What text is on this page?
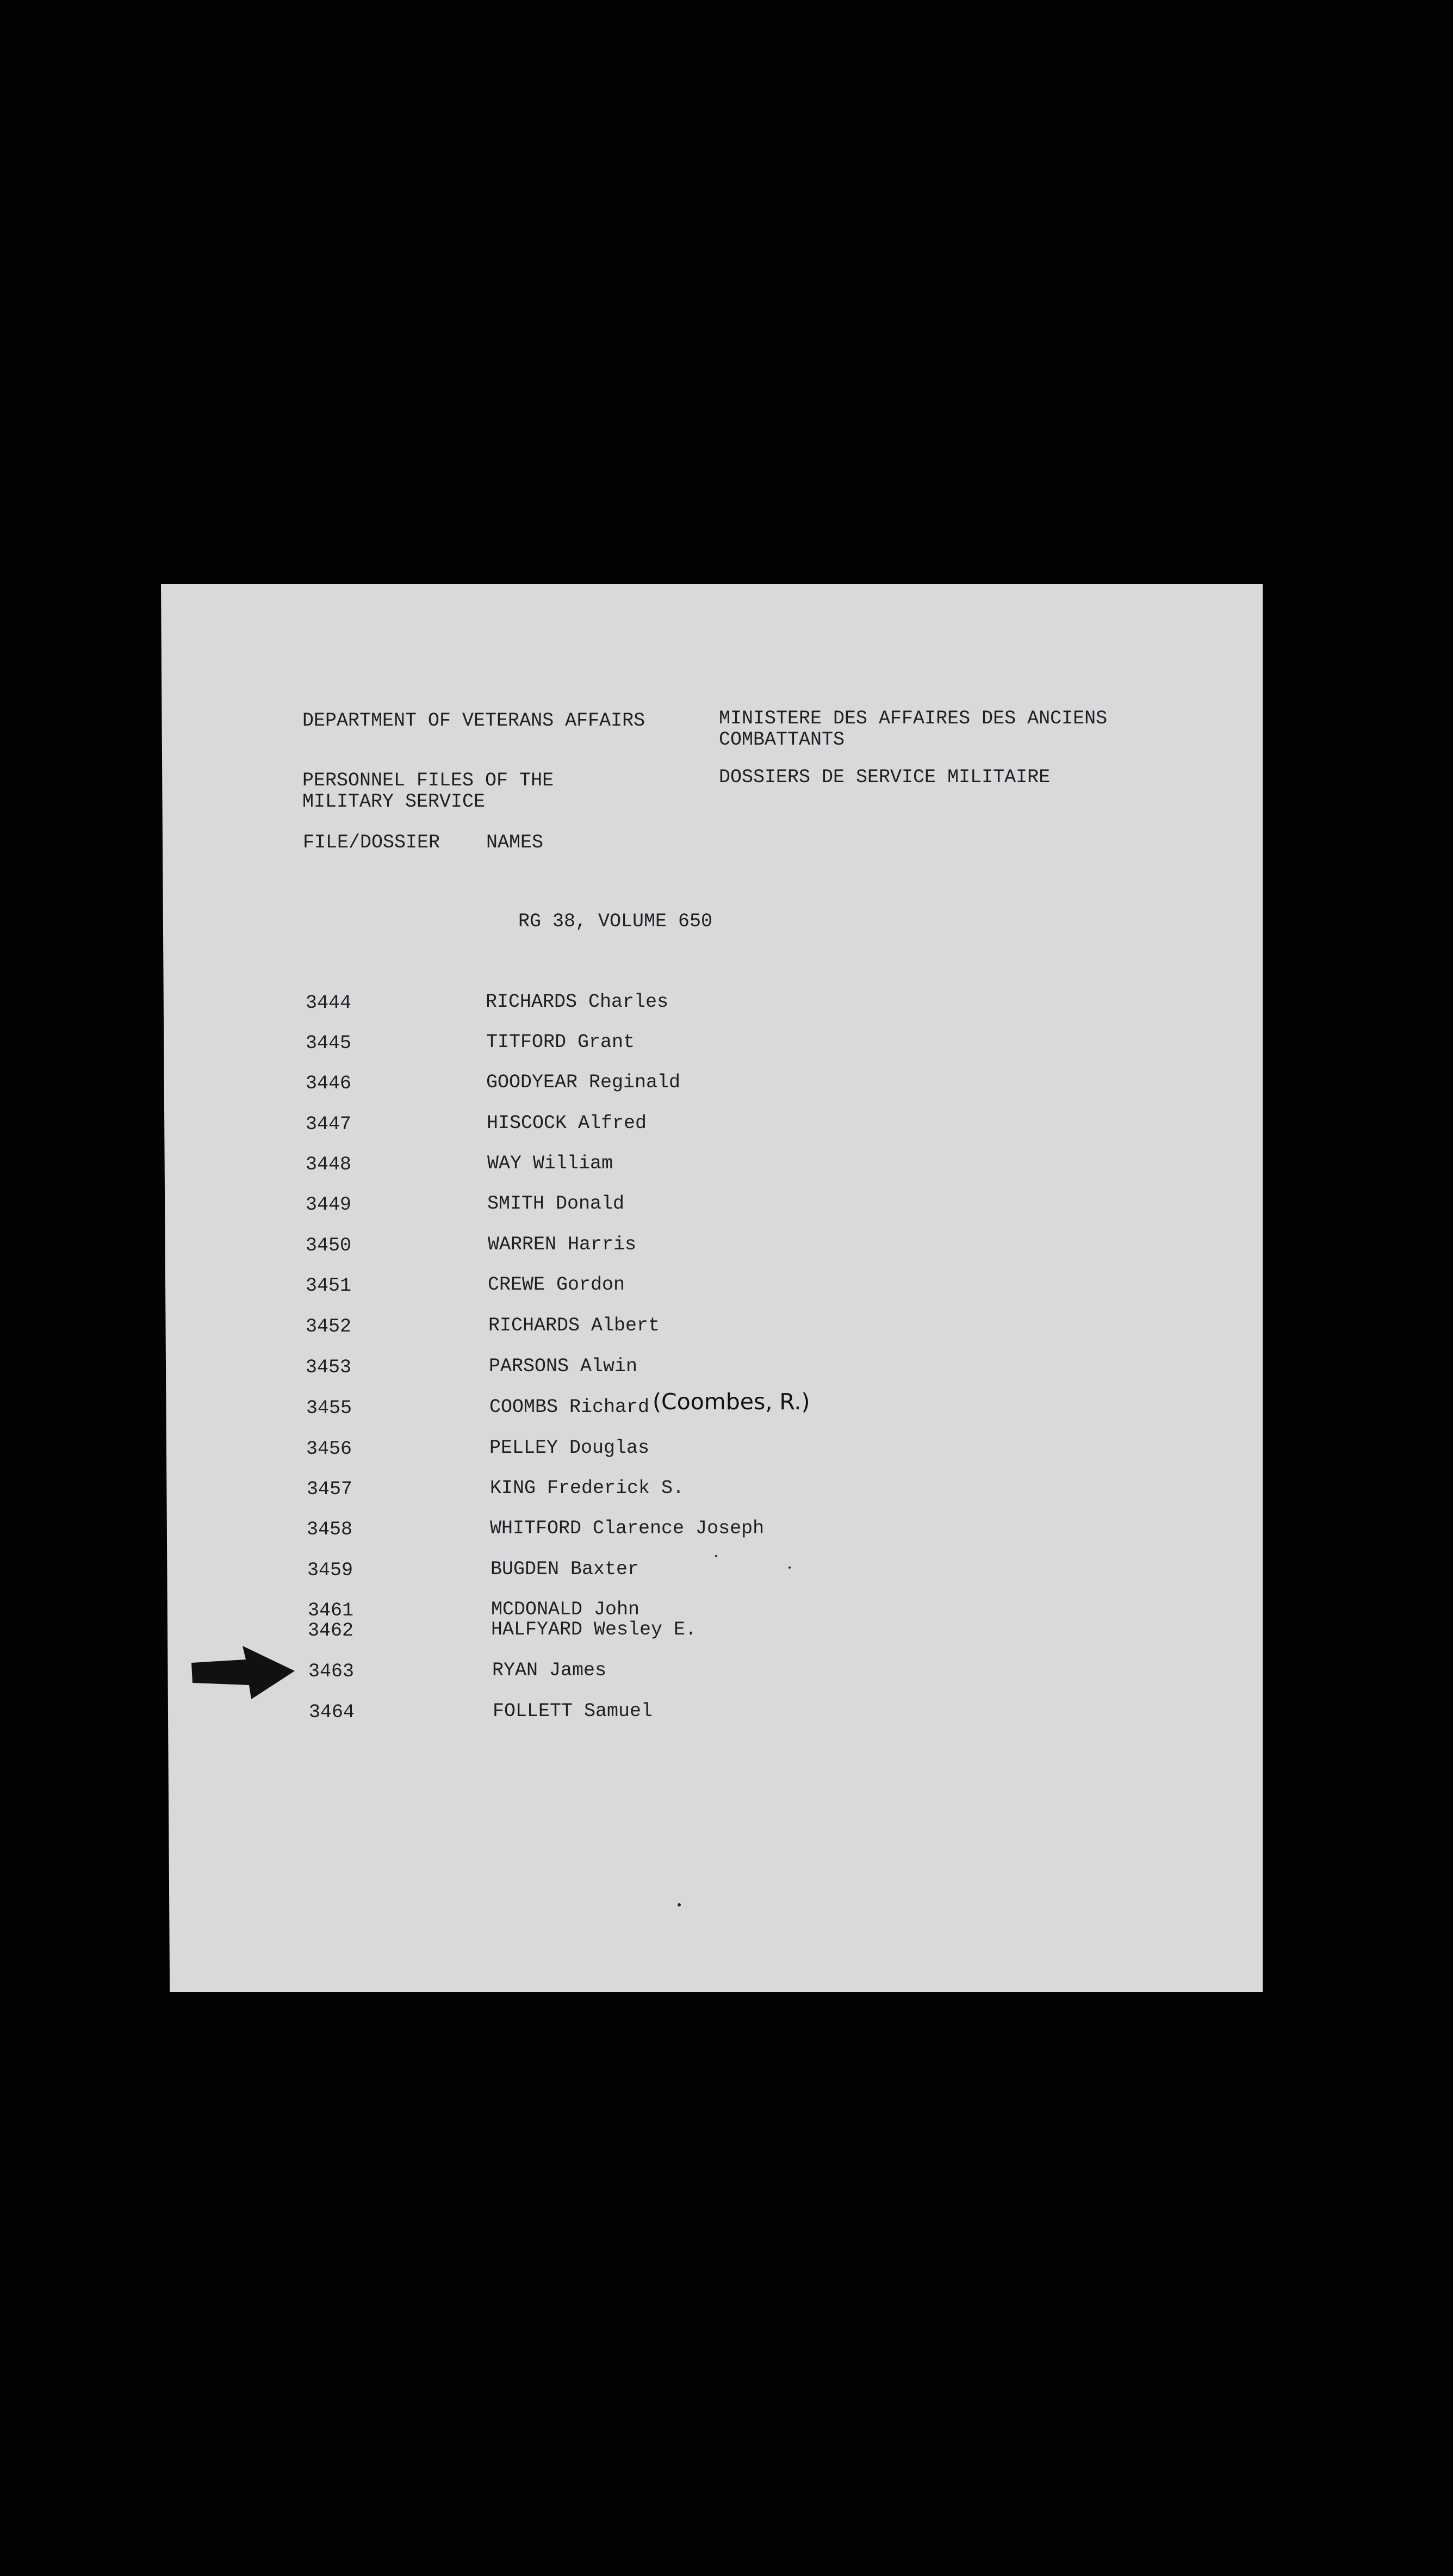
DEPARTMENT OF VETERANS AFFAIRS	MINISTERE DES AFFAIRES DES ANCIENS
COMBATTANTS
PERSONNEL FILES OF THE
MILITARY SERVICE
DOSSIERS DE SERVICE MILITAIRE
FILE/DOSSIER NAMES
RG 38, VOLUME 650
3444	RICHARDS Charles
3445	TITFORD Grant
3446	GOODYEAR Reginald
3447	HISCOCK Alfred
3448	WAY William
3449	SMITH Donald
3450	WARREN Harris
3451	CREWE Gordon
3452	RICHARDS Albert
3453	PARSONS Alwin
3455	COOMBS Richard (Coombes, R.)
3456	PELLEY Douglas
3457	KING Frederick S.
3458	WHITFORD Clarence Joseph
3459	BUGDEN Baxter
3461	MCDONALD John
3462	HALFYARD Wesley E.
3463	RYAN James
3464	FOLLETT Samuel
